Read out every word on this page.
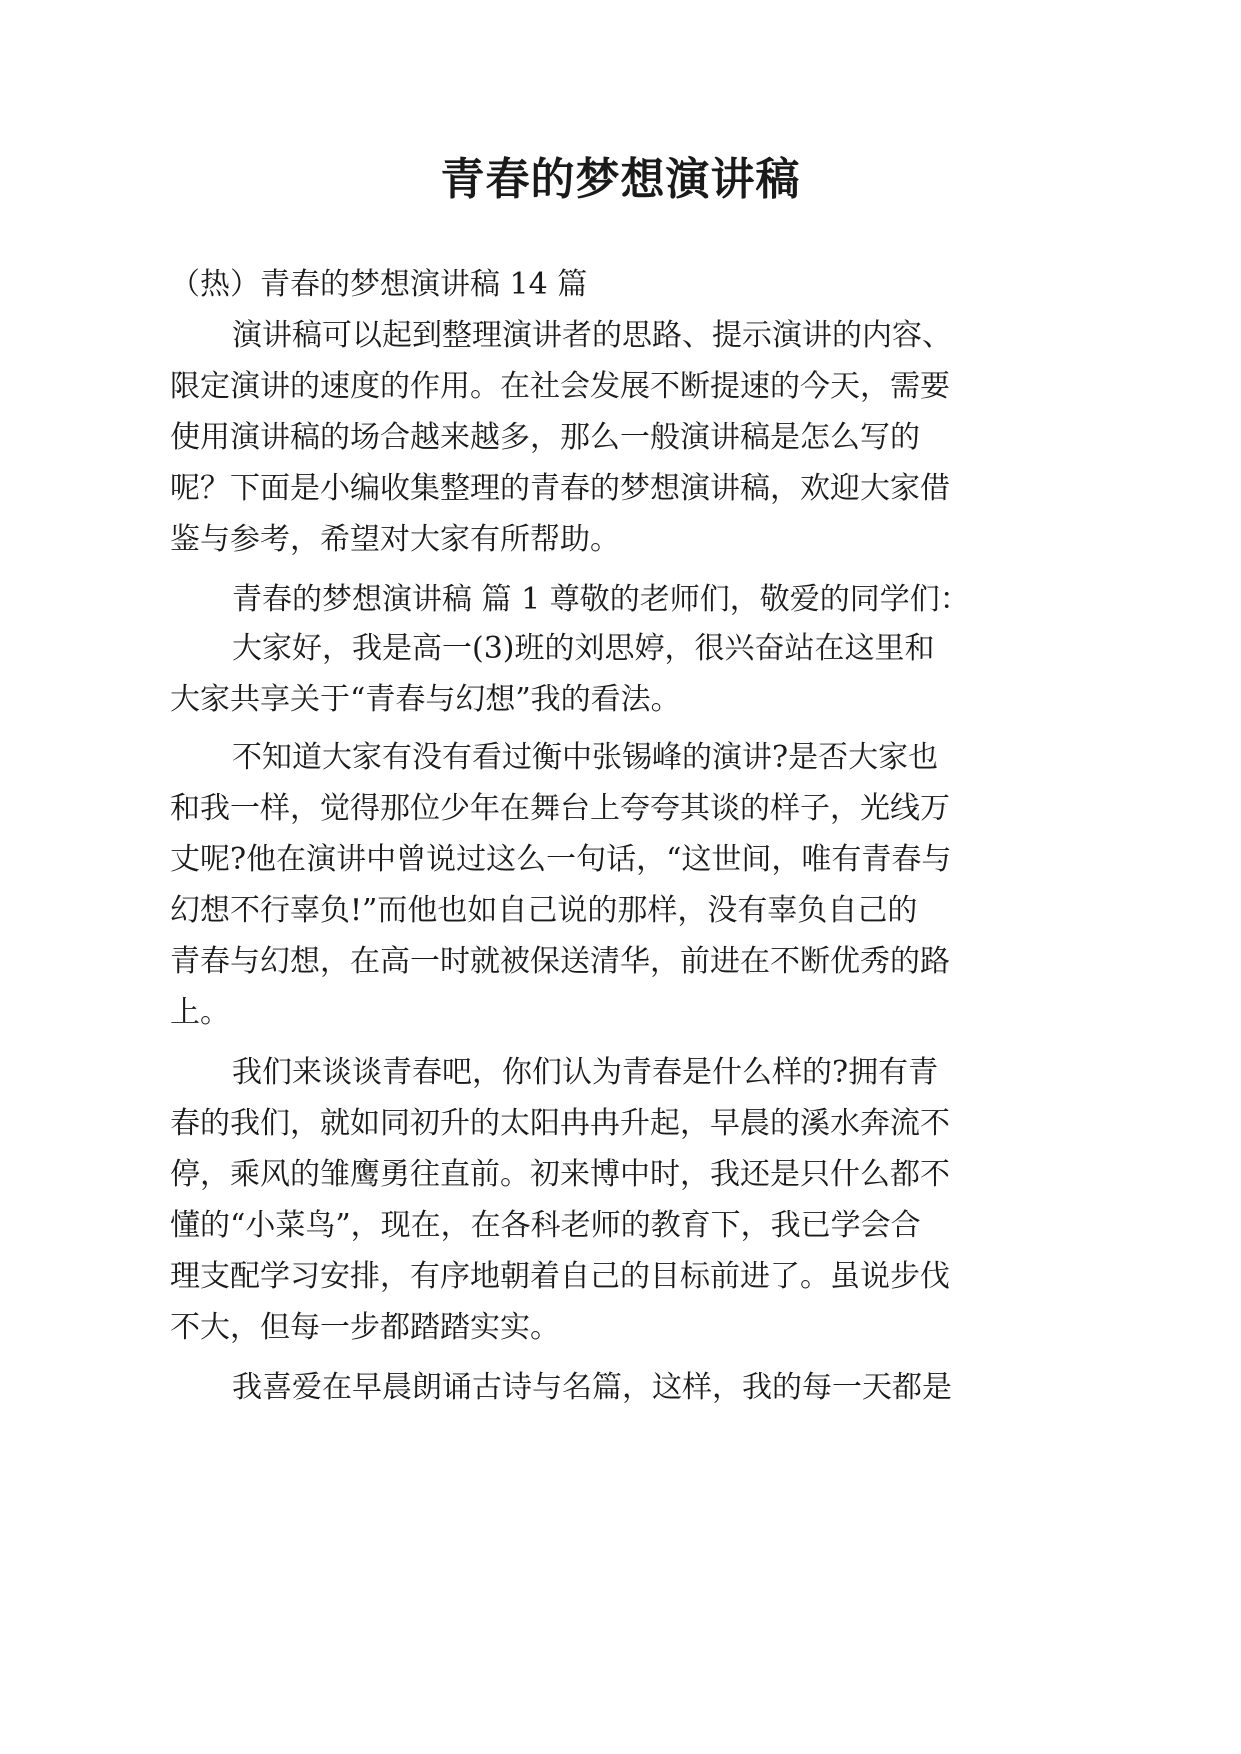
青春的梦想演讲稿
（热）青春的梦想演讲稿 14 篇
演讲稿可以起到整理演讲者的思路、提示演讲的内容、
限定演讲的速度的作用。在社会发展不断提速的今天，需要
使用演讲稿的场合越来越多，那么一般演讲稿是怎么写的
呢？下面是小编收集整理的青春的梦想演讲稿，欢迎大家借
鉴与参考，希望对大家有所帮助。
青春的梦想演讲稿 篇 1 尊敬的老师们，敬爱的同学们：
大家好，我是高一(3)班的刘思婷，很兴奋站在这里和
大家共享关于“青春与幻想”我的看法。
不知道大家有没有看过衡中张锡峰的演讲?是否大家也
和我一样，觉得那位少年在舞台上夸夸其谈的样子，光线万
丈呢?他在演讲中曾说过这么一句话，“这世间，唯有青春与
幻想不行辜负!”而他也如自己说的那样，没有辜负自己的
青春与幻想，在高一时就被保送清华，前进在不断优秀的路
上。
我们来谈谈青春吧，你们认为青春是什么样的?拥有青
春的我们，就如同初升的太阳冉冉升起，早晨的溪水奔流不
停，乘风的雏鹰勇往直前。初来博中时，我还是只什么都不
懂的“小菜鸟”，现在，在各科老师的教育下，我已学会合
理支配学习安排，有序地朝着自己的目标前进了。虽说步伐
不大，但每一步都踏踏实实。
我喜爱在早晨朗诵古诗与名篇，这样，我的每一天都是
